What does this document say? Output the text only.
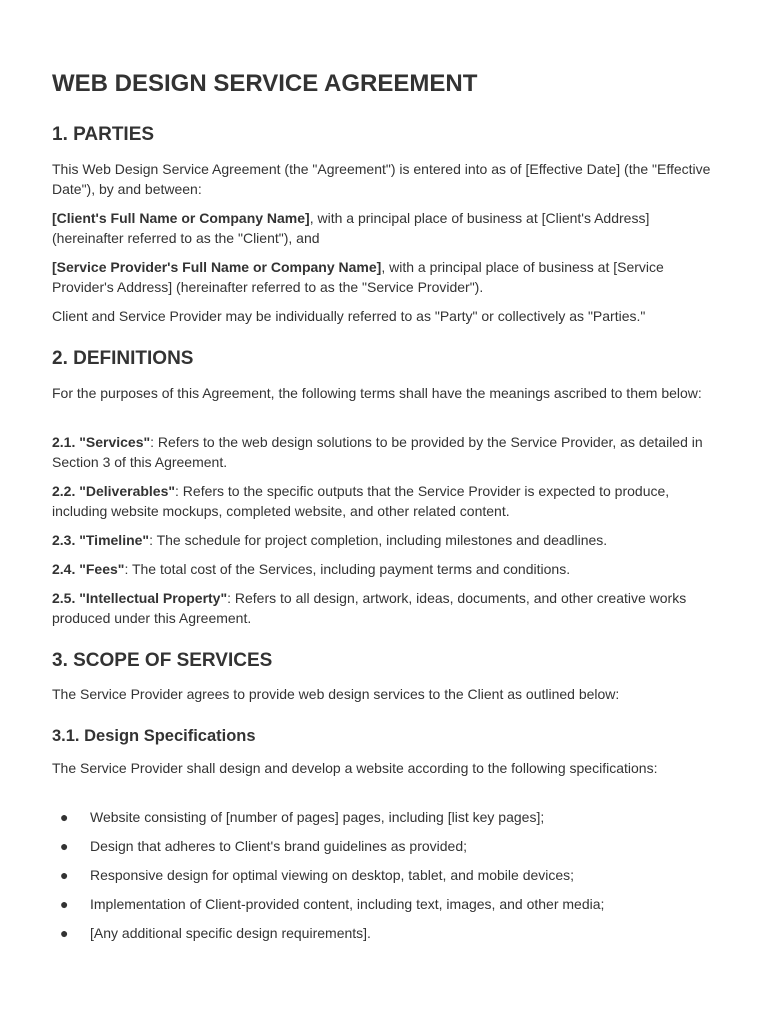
WEB DESIGN SERVICE AGREEMENT
1. PARTIES

This Web Design Service Agreement (the "Agreement") is entered into as of [Effective Date] (the "Effective Date"), by and between:

[Client's Full Name or Company Name], with a principal place of business at [Client's Address] (hereinafter referred to as the "Client"), and

[Service Provider's Full Name or Company Name], with a principal place of business at [Service Provider's Address] (hereinafter referred to as the "Service Provider").

Client and Service Provider may be individually referred to as "Party" or collectively as "Parties."

2. DEFINITIONS

For the purposes of this Agreement, the following terms shall have the meanings ascribed to them below:

2.1. "Services": Refers to the web design solutions to be provided by the Service Provider, as detailed in Section 3 of this Agreement.

2.2. "Deliverables": Refers to the specific outputs that the Service Provider is expected to produce, including website mockups, completed website, and other related content.

2.3. "Timeline": The schedule for project completion, including milestones and deadlines.

2.4. "Fees": The total cost of the Services, including payment terms and conditions.

2.5. "Intellectual Property": Refers to all design, artwork, ideas, documents, and other creative works produced under this Agreement.

3. SCOPE OF SERVICES

The Service Provider agrees to provide web design services to the Client as outlined below:

3.1. Design Specifications

The Service Provider shall design and develop a website according to the following specifications:

● Website consisting of [number of pages] pages, including [list key pages];
● Design that adheres to Client's brand guidelines as provided;
● Responsive design for optimal viewing on desktop, tablet, and mobile devices;
● Implementation of Client-provided content, including text, images, and other media;
● [Any additional specific design requirements].
